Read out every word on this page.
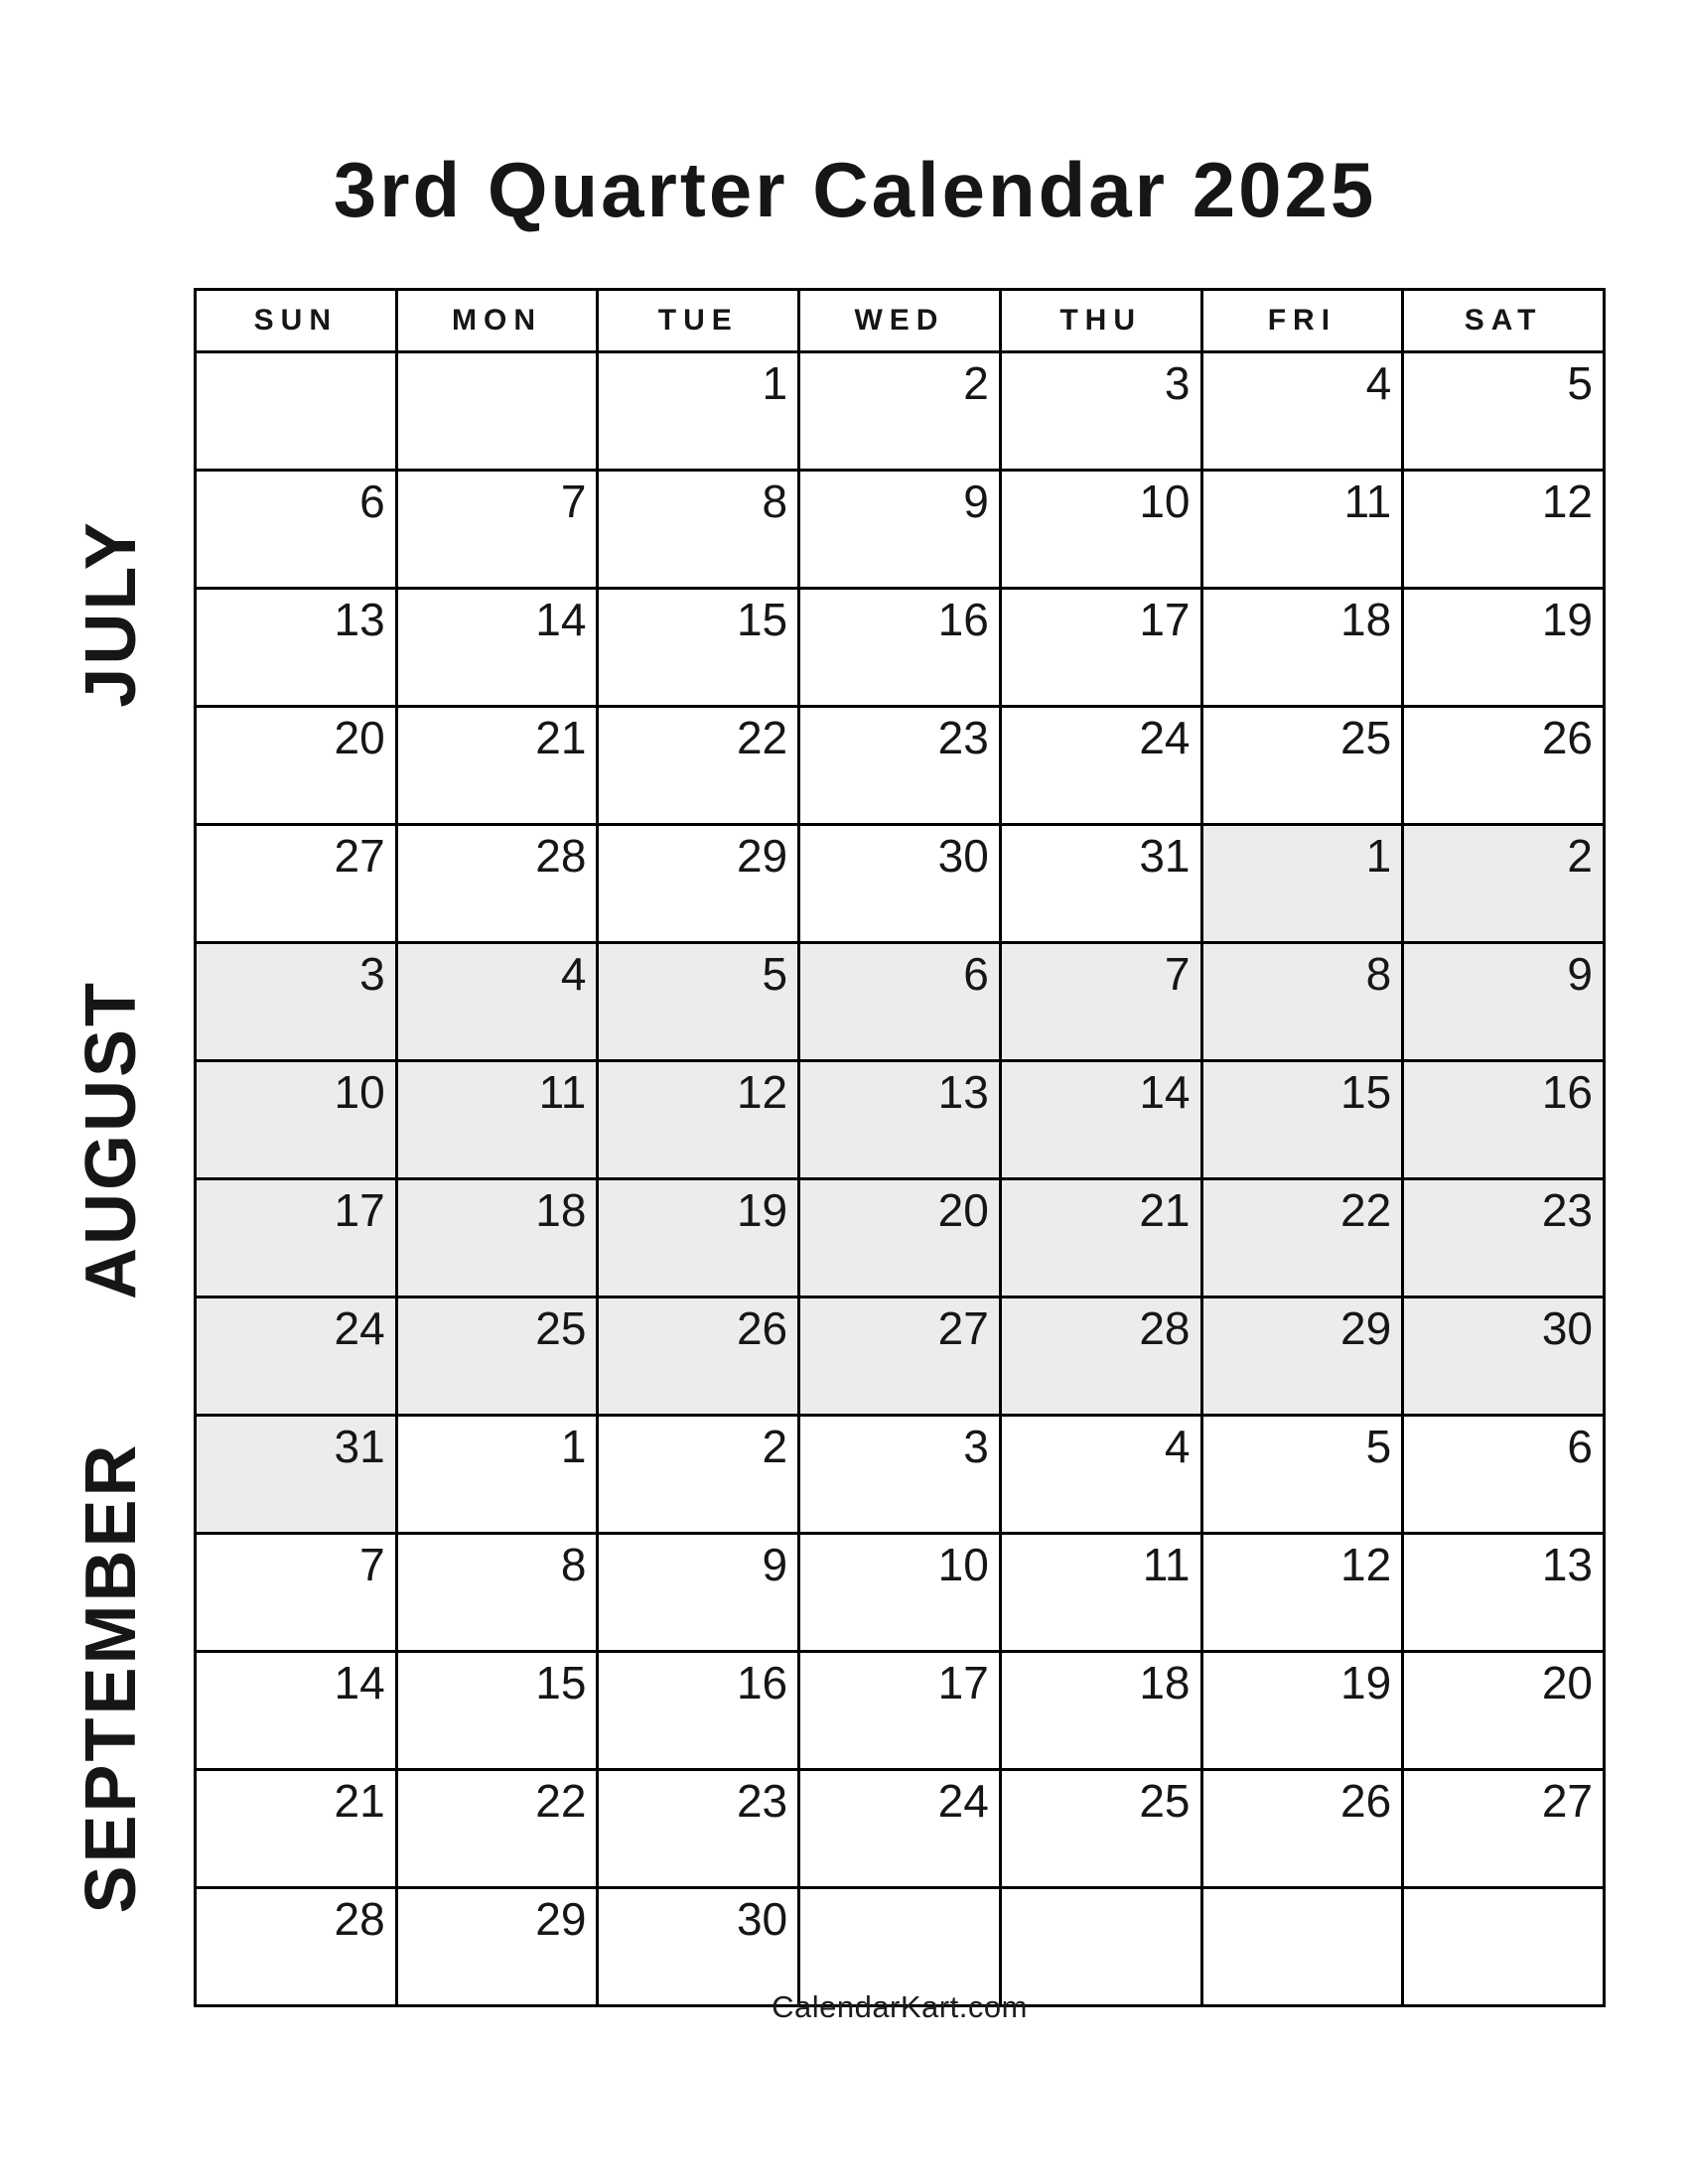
3rd Quarter Calendar 2025
JULY
AUGUST
SEPTEMBER
SUN	MON	TUE	WED	THU	FRI	SAT
		1	2	3	4	5
6	7	8	9	10	11	12
13	14	15	16	17	18	19
20	21	22	23	24	25	26
27	28	29	30	31	1	2
3	4	5	6	7	8	9
10	11	12	13	14	15	16
17	18	19	20	21	22	23
24	25	26	27	28	29	30
31	1	2	3	4	5	6
7	8	9	10	11	12	13
14	15	16	17	18	19	20
21	22	23	24	25	26	27
28	29	30				
CalendarKart.com
